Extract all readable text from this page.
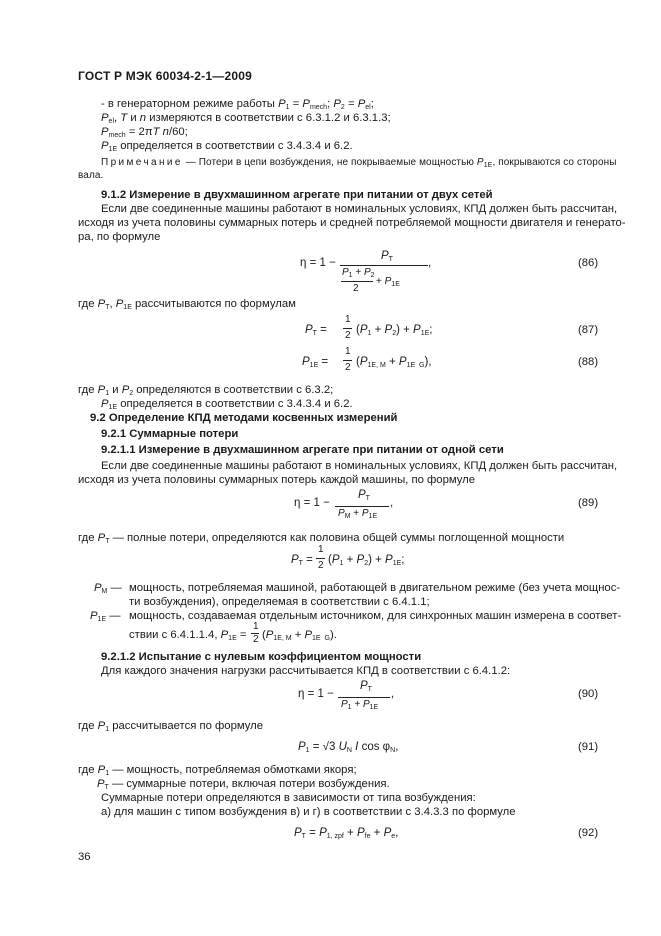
ГОСТ Р МЭК 60034-2-1—2009
- в генераторном режиме работы $P_1 = P_{mech}$; $P_2 = P_{el}$;
$P_{el}$, T и n измеряются в соответствии с 6.3.1.2 и 6.3.1.3;
$P_{mech} = 2\pi T$ n/60;
$P_{1E}$ определяется в соответствии с 3.4.3.4 и 6.2.
Примечание — Потери в цепи возбуждения, не покрываемые мощностью $P_{1E}$, покрываются со стороны
вала.
9.1.2 Измерение в двухмашинном агрегате при питании от двух сетей
Если две соединенные машины работают в номинальных условиях, КПД должен быть рассчитан,
исходя из учета половины суммарных потерь и средней потребляемой мощности двигателя и генерато-
ра, по формуле
η = 1 −
$P_T$
$P_1 + P_2$
2
+ $P_{1E}$
,	(86)
где $P_T$, $P_{1E}$ рассчитываются по формулам
$P_T$ =
1
2 $(P_1 + P_2) + P_{1E}$;	(87)
$P_{1E}$ =
1
2 $(P_{1E, M} + P_{1E G})$,	(88)
где $P_1$ и $P_2$ определяются в соответствии с 6.3.2;
$P_{1E}$ определяется в соответствии с 3.4.3.4 и 6.2.
9.2 Определение КПД методами косвенных измерений
9.2.1 Суммарные потери
9.2.1.1 Измерение в двухмашинном агрегате при питании от одной сети
Если две соединенные машины работают в номинальных условиях, КПД должен быть рассчитан,
исходя из учета половины суммарных потерь каждой машины, по формуле
η = 1 −
$P_T$
$P_M + P_{1E}$
,	(89)
где $P_T$ — полные потери, определяются как половина общей суммы поглощенной мощности
$P_T$ =
1
2 $(P_1 + P_2) + P_{1E}$;
$P_M$ — мощность, потребляемая машиной, работающей в двигательном режиме (без учета мощнос-
ти возбуждения), определяемая в соответствии с 6.4.1.1;
$P_{1E}$ — мощность, создаваемая отдельным источником, для синхронных машин измерена в соответ-
ствии с 6.4.1.1.4, $P_{1E}$ =
1
2 $(P_{1E, M} + P_{1E G})$.
9.2.1.2 Испытание с нулевым коэффициентом мощности
Для каждого значения нагрузки рассчитывается КПД в соответствии с 6.4.1.2:
η = 1 −
$P_T$
$P_1 + P_{1E}$
,	(90)
где $P_1$ рассчитывается по формуле
$P_1 = √3$ $U_N$ I $\cos \varphi_N$,	(91)
где $P_1$ — мощность, потребляемая обмотками якоря;
$P_T$ — суммарные потери, включая потери возбуждения.
Суммарные потери определяются в зависимости от типа возбуждения:
а) для машин с типом возбуждения в) и г) в соответствии с 3.4.3.3 по формуле
$P_T = P_{1, zpf} + P_{fe} + P_e$,	(92)
36
